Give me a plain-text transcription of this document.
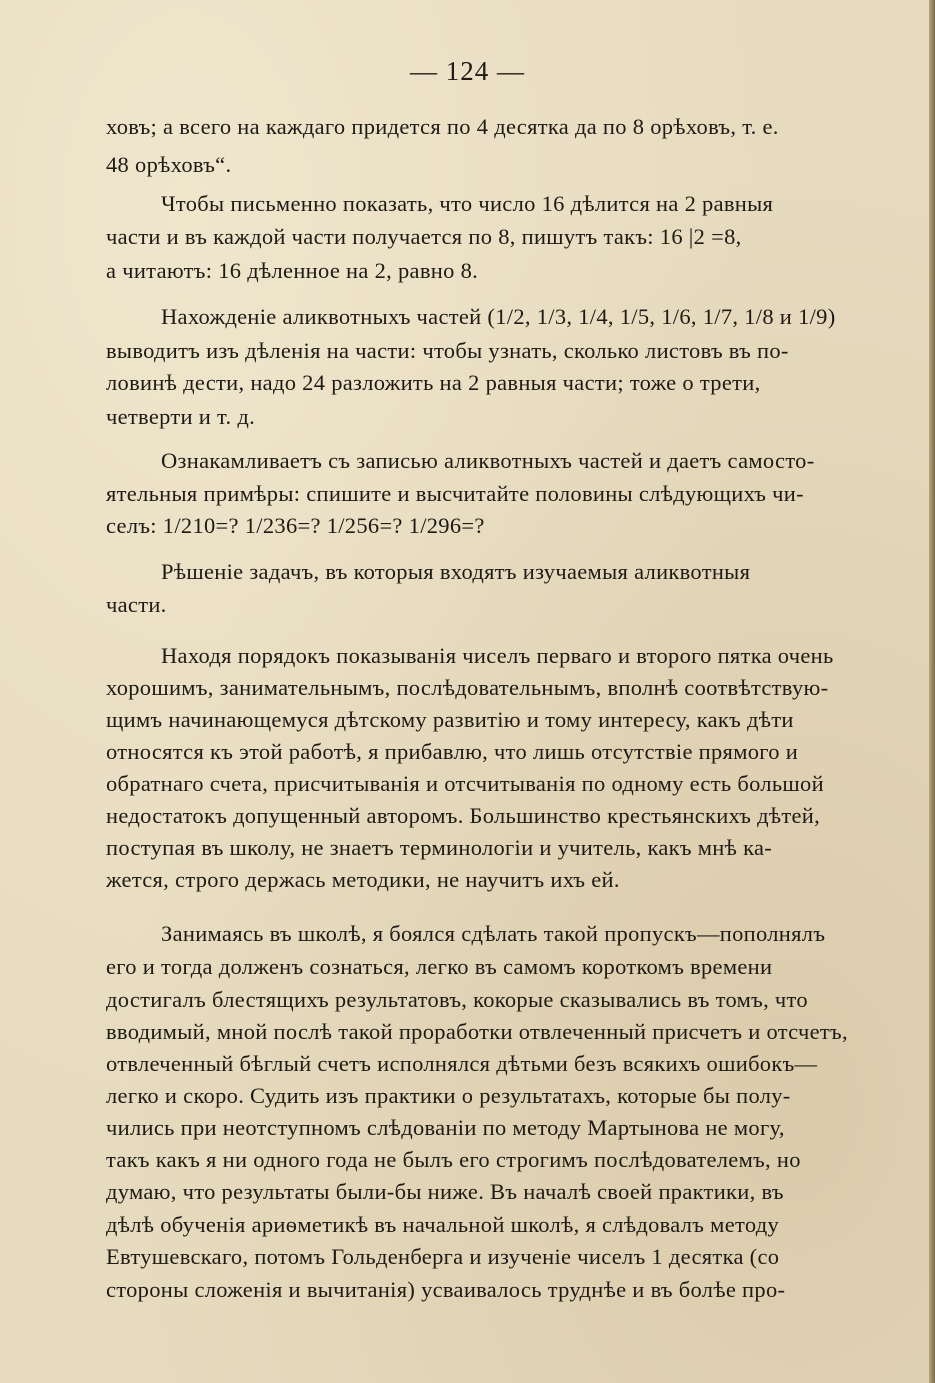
— 124 —
ховъ; а всего на каждаго придется по 4 десятка да по 8 орѣховъ, т. е.
48 орѣховъ“.
Чтобы письменно показать, что число 16 дѣлится на 2 равныя
части и въ каждой части получается по 8, пишутъ такъ: 16 |2 =8,
а читаютъ: 16 дѣленное на 2, равно 8.
Нахожденіе аликвотныхъ частей (1/2, 1/3, 1/4, 1/5, 1/6, 1/7, 1/8 и 1/9)
выводитъ изъ дѣленія на части: чтобы узнать, сколько листовъ въ по-
ловинѣ дести, надо 24 разложить на 2 равныя части; тоже о трети,
четверти и т. д.
Ознакамливаетъ съ записью аликвотныхъ частей и даетъ самосто-
ятельныя примѣры: спишите и высчитайте половины слѣдующихъ чи-
селъ: 1/210=? 1/236=? 1/256=? 1/296=?
Рѣшеніе задачъ, въ которыя входятъ изучаемыя аликвотныя
части.
Находя порядокъ показыванія чиселъ перваго и второго пятка очень
хорошимъ, занимательнымъ, послѣдовательнымъ, вполнѣ соотвѣтствую-
щимъ начинающемуся дѣтскому развитію и тому интересу, какъ дѣти
относятся къ этой работѣ, я прибавлю, что лишь отсутствіе прямого и
обратнаго счета, присчитыванія и отсчитыванія по одному есть большой
недостатокъ допущенный авторомъ. Большинство крестьянскихъ дѣтей,
поступая въ школу, не знаетъ терминологіи и учитель, какъ мнѣ ка-
жется, строго держась методики, не научитъ ихъ ей.
Занимаясь въ школѣ, я боялся сдѣлать такой пропускъ—пополнялъ
его и тогда долженъ сознаться, легко въ самомъ короткомъ времени
достигалъ блестящихъ результатовъ, кокорые сказывались въ томъ, что
вводимый, мной послѣ такой проработки отвлеченный присчетъ и отсчетъ,
отвлеченный бѣглый счетъ исполнялся дѣтьми безъ всякихъ ошибокъ—
легко и скоро. Судить изъ практики о результатахъ, которые бы полу-
чились при неотступномъ слѣдованіи по методу Мартынова не могу,
такъ какъ я ни одного года не былъ его строгимъ послѣдователемъ, но
думаю, что результаты были-бы ниже. Въ началѣ своей практики, въ
дѣлѣ обученія ариѳметикѣ въ начальной школѣ, я слѣдовалъ методу
Евтушевскаго, потомъ Гольденберга и изученіе чиселъ 1 десятка (со
стороны сложенія и вычитанія) усваивалось труднѣе и въ болѣе про-
